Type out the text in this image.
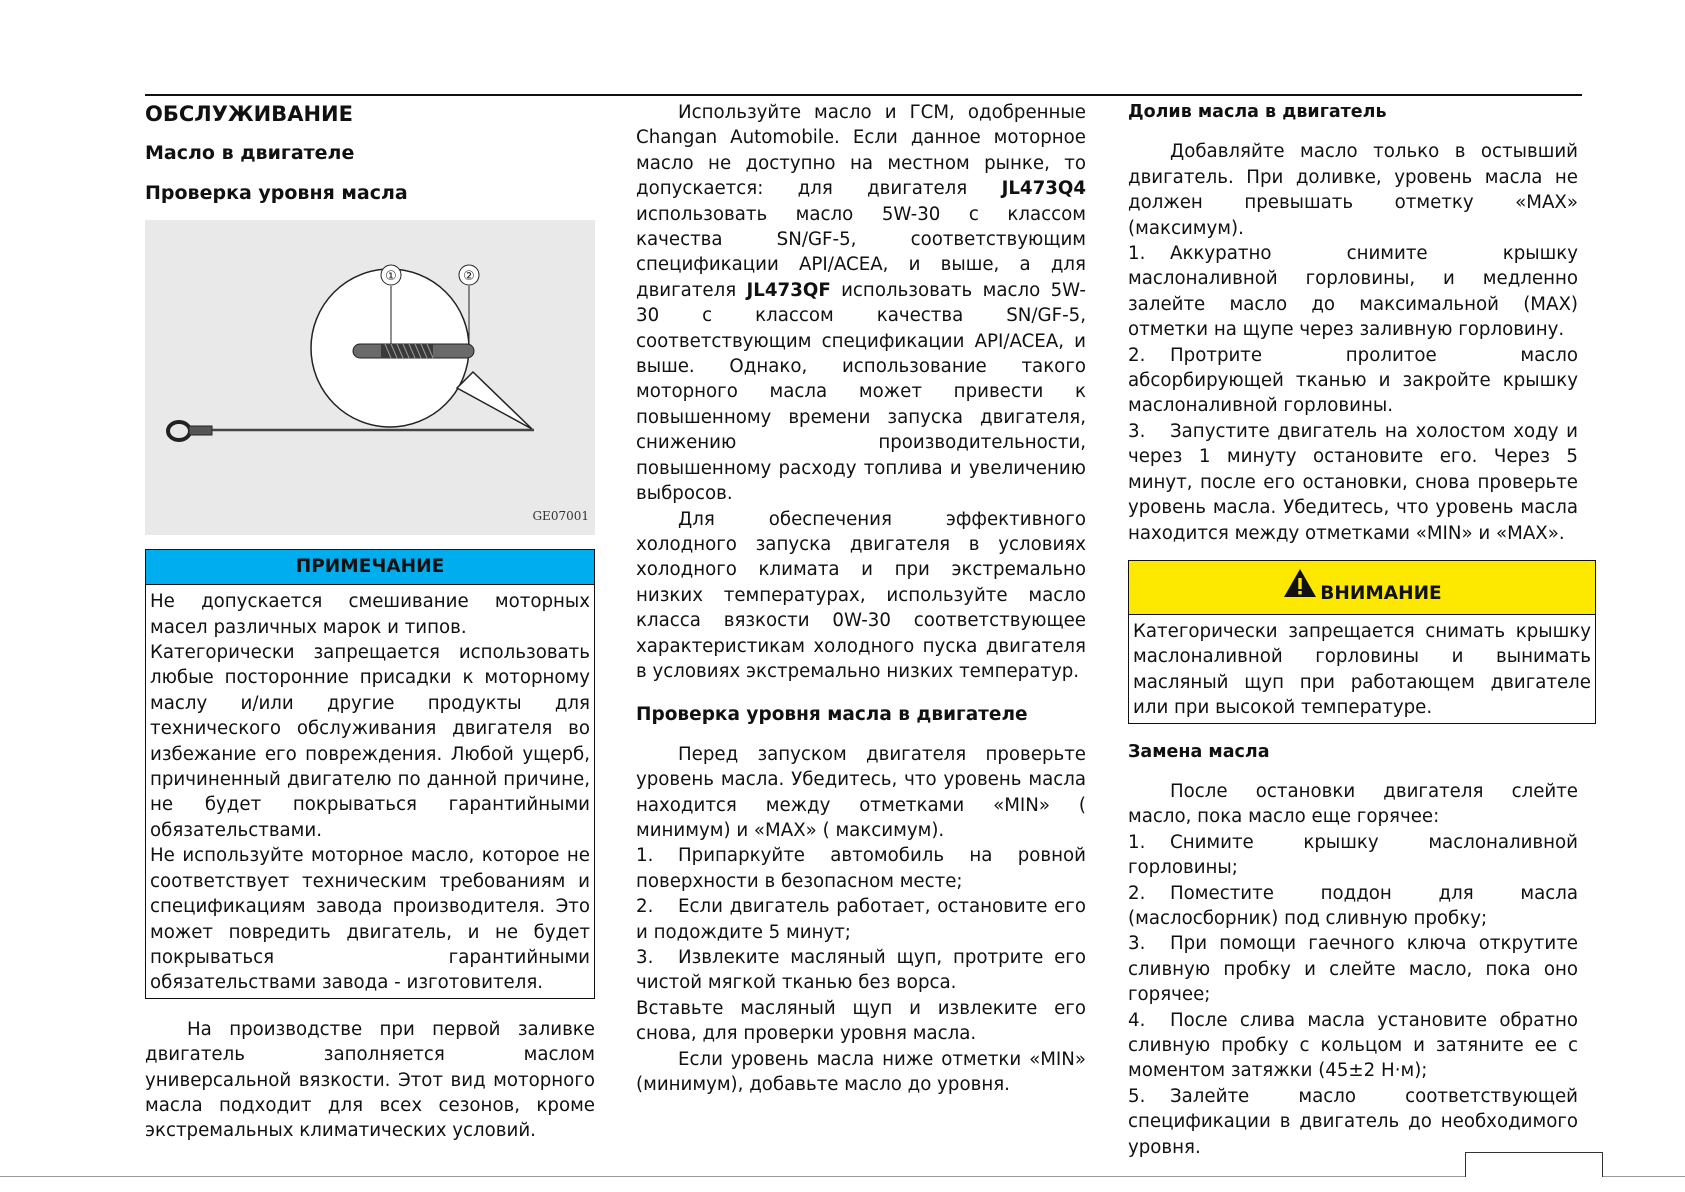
ОБСЛУЖИВАНИЕ
Масло в двигателе
Проверка уровня масла
①	②
GE07001
ПРИМЕЧАНИЕ

Не допускается смешивание моторных масел различных марок и типов.

Категорически запрещается использовать любые посторонние присадки к моторному маслу и/или другие продукты для технического обслуживания двигателя во избежание его повреждения. Любой ущерб, причиненный двигателю по данной причине, не будет покрываться гарантийными обязательствами.

Не используйте моторное масло, которое не соответствует техническим требованиям и спецификациям завода производителя. Это может повредить двигатель, и не будет покрываться гарантийными обязательствами завода - изготовителя.

На производстве при первой заливке двигатель заполняется маслом универсальной вязкости. Этот вид моторного масла подходит для всех сезонов, кроме экстремальных климатических условий.

Используйте масло и ГСМ, одобренные Changan Automobile. Если данное моторное масло не доступно на местном рынке, то допускается: для двигателя JL473Q4 использовать масло 5W-30 с классом качества SN/GF-5, соответствующим спецификации API/ACEA, и выше, а для двигателя JL473QF использовать масло 5W-30 с классом качества SN/GF-5, соответствующим спецификации API/ACEA, и выше. Однако, использование такого моторного масла может привести к повышенному времени запуска двигателя, снижению производительности, повышенному расходу топлива и увеличению выбросов.

Для обеспечения эффективного холодного запуска двигателя в условиях холодного климата и при экстремально низких температурах, используйте масло класса вязкости 0W-30 соответствующее характеристикам холодного пуска двигателя в условиях экстремально низких температур.

Проверка уровня масла в двигателе

Перед запуском двигателя проверьте уровень масла. Убедитесь, что уровень масла находится между отметками «MIN» ( минимум) и «MAX» ( максимум).

1. Припаркуйте автомобиль на ровной поверхности в безопасном месте;

2. Если двигатель работает, остановите его и подождите 5 минут;

3. Извлеките масляный щуп, протрите его чистой мягкой тканью без ворса.

Вставьте масляный щуп и извлеките его снова, для проверки уровня масла.

Если уровень масла ниже отметки «MIN» (минимум), добавьте масло до уровня.

Долив масла в двигатель

Добавляйте масло только в остывший двигатель. При доливке, уровень масла не должен превышать отметку «MAX» (максимум).

1. Аккуратно снимите крышку маслоналивной горловины, и медленно залейте масло до максимальной (MAX) отметки на щупе через заливную горловину.

2. Протрите пролитое масло абсорбирующей тканью и закройте крышку маслоналивной горловины.

3. Запустите двигатель на холостом ходу и через 1 минуту остановите его. Через 5 минут, после его остановки, снова проверьте уровень масла. Убедитесь, что уровень масла находится между отметками «MIN» и «MAX».

ВНИМАНИЕ

Категорически запрещается снимать крышку маслоналивной горловины и вынимать масляный щуп при работающем двигателе или при высокой температуре.

Замена масла

После остановки двигателя слейте масло, пока масло еще горячее:

1. Снимите крышку маслоналивной горловины;

2. Поместите поддон для масла (маслосборник) под сливную пробку;

3. При помощи гаечного ключа открутите сливную пробку и слейте масло, пока оно горячее;

4. После слива масла установите обратно сливную пробку с кольцом и затяните ее с моментом затяжки (45±2 Н·м);

5. Залейте масло соответствующей спецификации в двигатель до необходимого уровня.
